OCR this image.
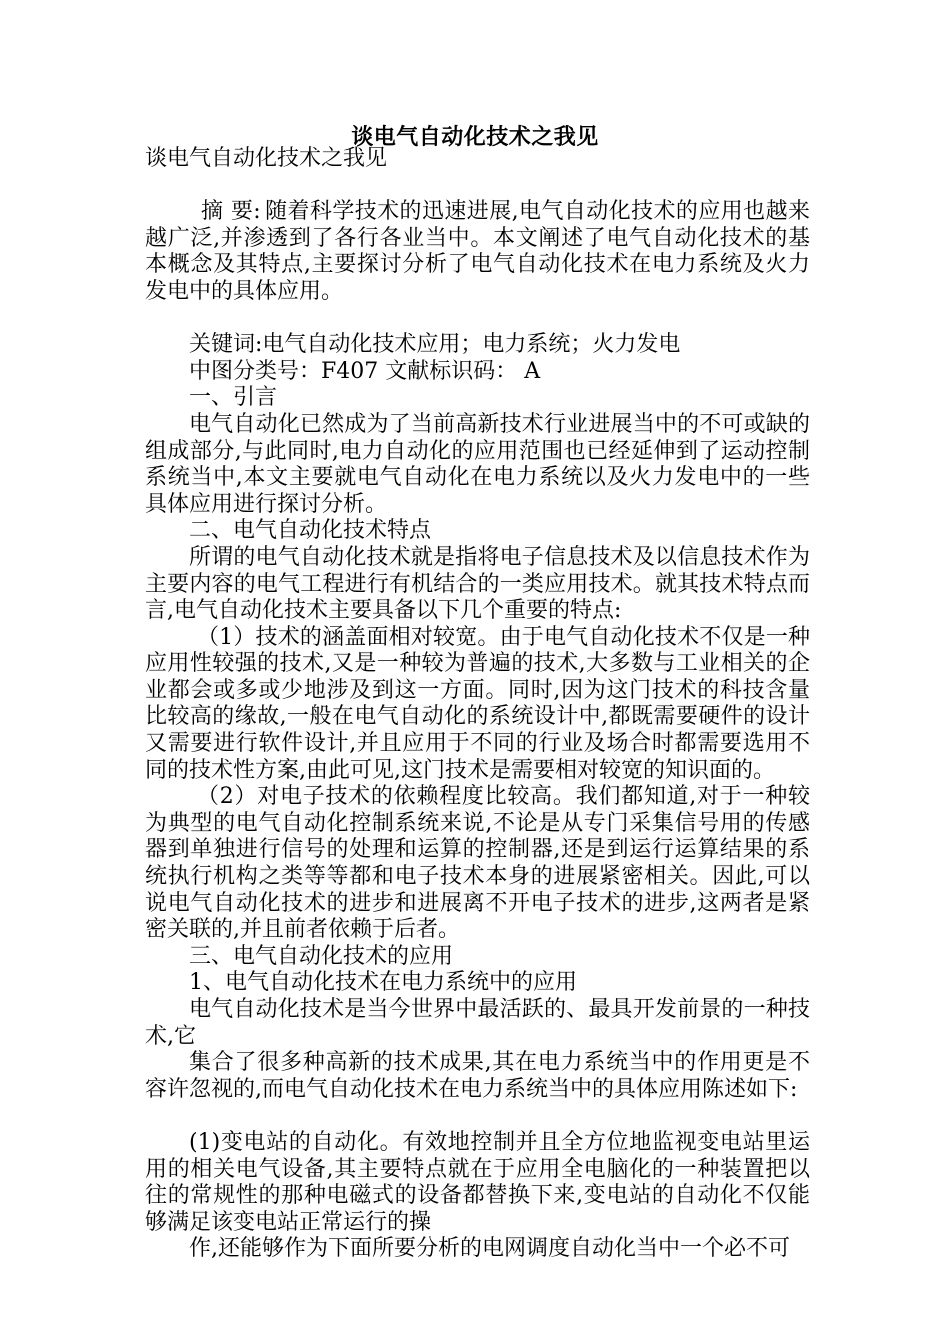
谈电气自动化技术之我见

谈电气自动化技术之我见

摘 要: 随着科学技术的迅速进展,电气自动化技术的应用也越来越广泛,并渗透到了各行各业当中。本文阐述了电气自动化技术的基本概念及其特点,主要探讨分析了电气自动化技术在电力系统及火力发电中的具体应用。

关键词:电气自动化技术应用；电力系统；火力发电

中图分类号：F407 文献标识码： A

一、引言

电气自动化已然成为了当前高新技术行业进展当中的不可或缺的组成部分,与此同时,电力自动化的应用范围也已经延伸到了运动控制系统当中,本文主要就电气自动化在电力系统以及火力发电中的一些具体应用进行探讨分析。

二、电气自动化技术特点

所谓的电气自动化技术就是指将电子信息技术及以信息技术作为主要内容的电气工程进行有机结合的一类应用技术。就其技术特点而言,电气自动化技术主要具备以下几个重要的特点:

（1）技术的涵盖面相对较宽。由于电气自动化技术不仅是一种应用性较强的技术,又是一种较为普遍的技术,大多数与工业相关的企业都会或多或少地涉及到这一方面。同时,因为这门技术的科技含量比较高的缘故,一般在电气自动化的系统设计中,都既需要硬件的设计又需要进行软件设计,并且应用于不同的行业及场合时都需要选用不同的技术性方案,由此可见,这门技术是需要相对较宽的知识面的。

（2）对电子技术的依赖程度比较高。我们都知道,对于一种较为典型的电气自动化控制系统来说,不论是从专门采集信号用的传感器到单独进行信号的处理和运算的控制器,还是到运行运算结果的系统执行机构之类等等都和电子技术本身的进展紧密相关。因此,可以说电气自动化技术的进步和进展离不开电子技术的进步,这两者是紧密关联的,并且前者依赖于后者。

三、电气自动化技术的应用

1、电气自动化技术在电力系统中的应用

电气自动化技术是当今世界中最活跃的、最具开发前景的一种技术,它

集合了很多种高新的技术成果,其在电力系统当中的作用更是不容许忽视的,而电气自动化技术在电力系统当中的具体应用陈述如下:

(1)变电站的自动化。有效地控制并且全方位地监视变电站里运用的相关电气设备,其主要特点就在于应用全电脑化的一种装置把以往的常规性的那种电磁式的设备都替换下来,变电站的自动化不仅能够满足该变电站正常运行的操

作,还能够作为下面所要分析的电网调度自动化当中一个必不可
